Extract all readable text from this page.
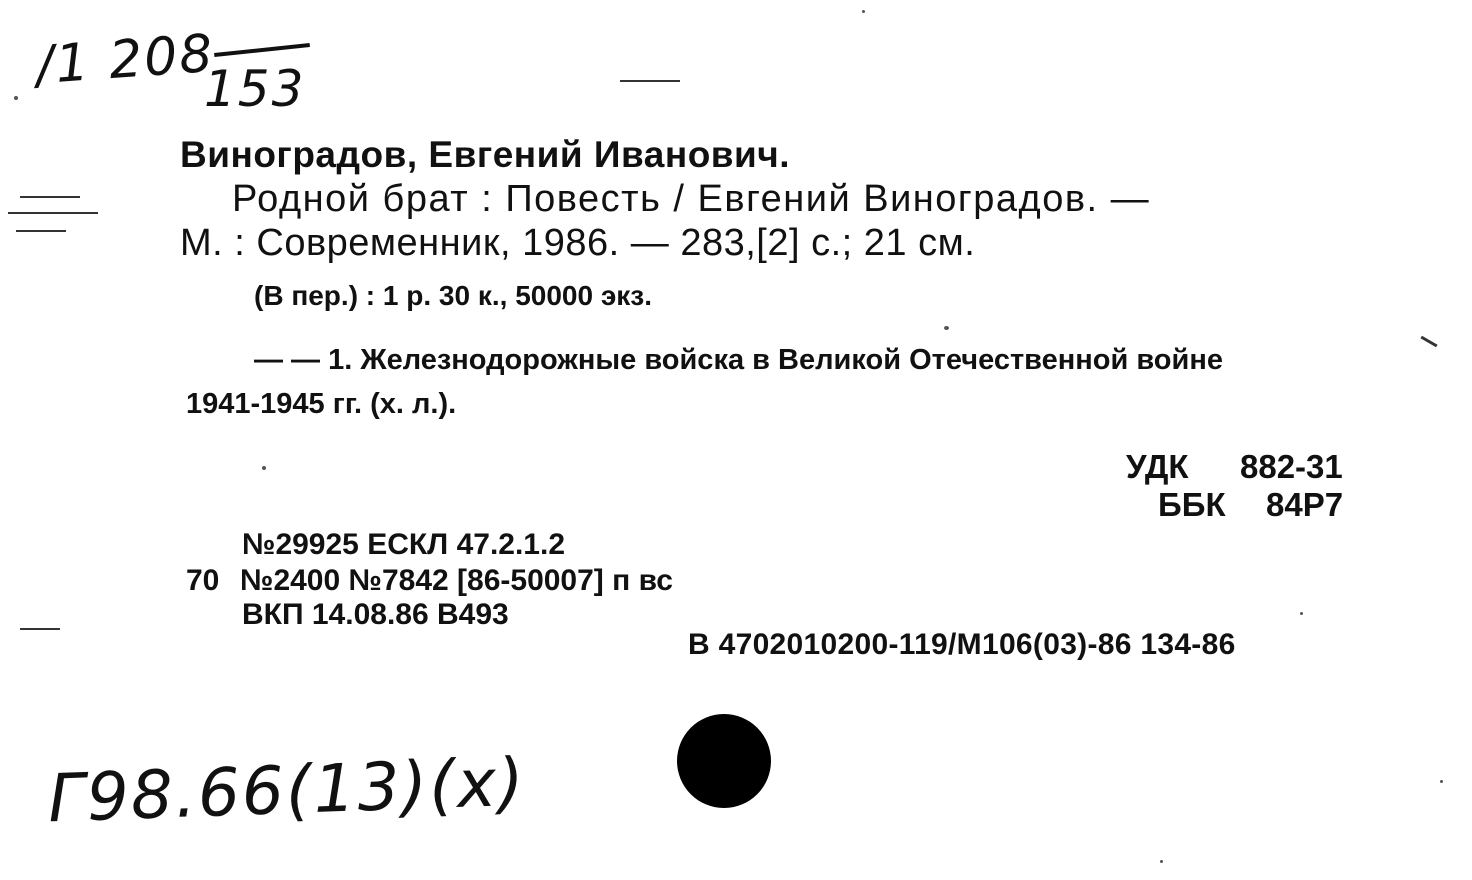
/1 208
153
Г98.66(13)(х)
Виноградов, Евгений Иванович.
Родной брат : Повесть / Евгений Виноградов. —
М. : Современник, 1986. — 283,[2] с.; 21 см.
(В пер.) : 1 р. 30 к., 50000 экз.
— — 1. Железнодорожные войска в Великой Отечественной войне
1941-1945 гг. (х. л.).
УДК 882-31
ББК 84Р7
№29925 ЕСКЛ 47.2.1.2
70 №2400 №7842 [86-50007] п вс
ВКП 14.08.86 В493
В 4702010200-119/М106(03)-86 134-86
